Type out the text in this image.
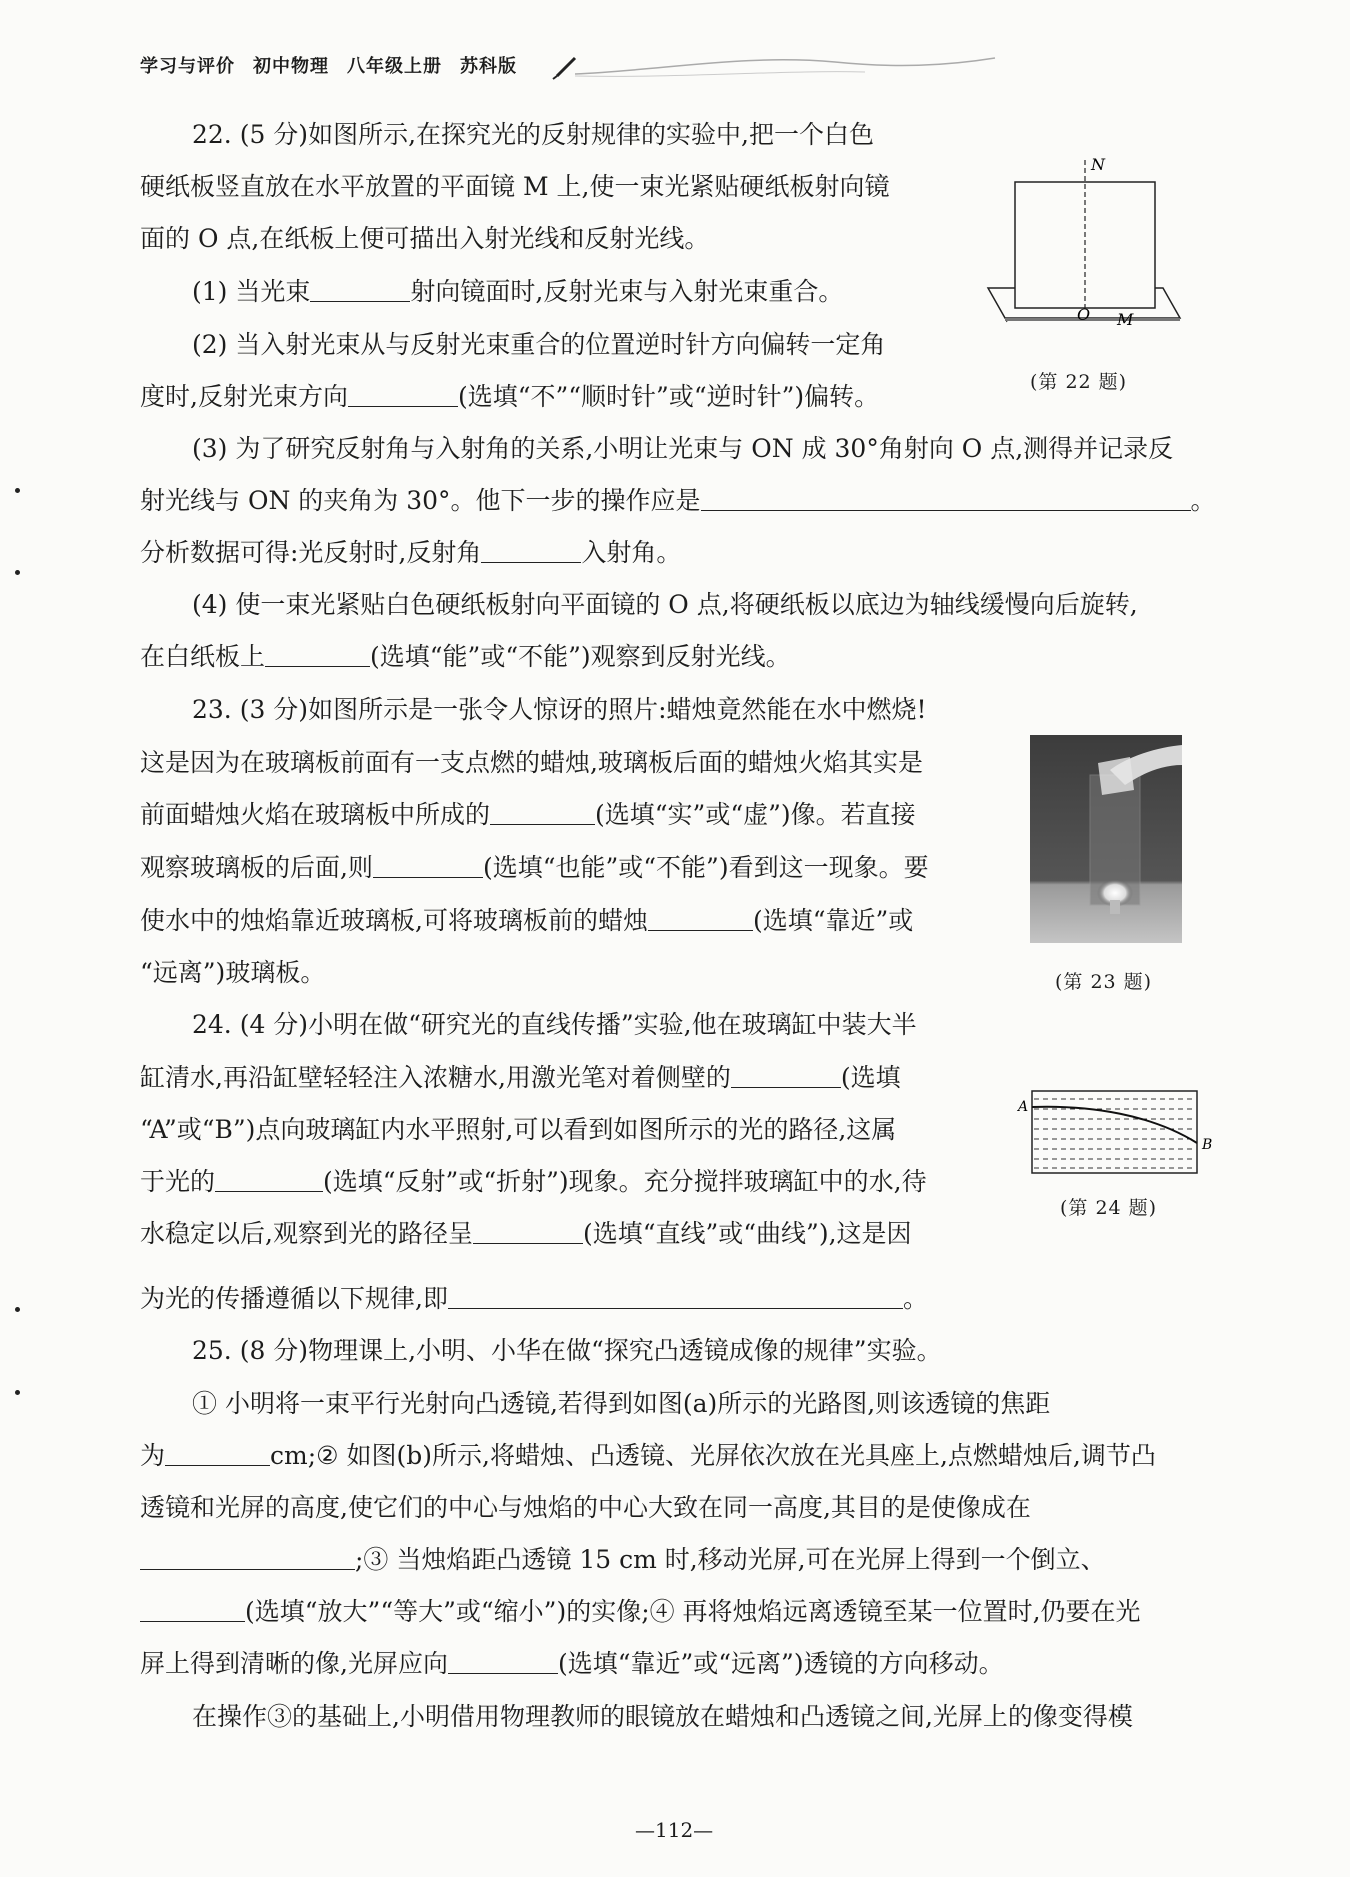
学习与评价 初中物理 八年级上册 苏科版
22. (5 分)如图所示,在探究光的反射规律的实验中,把一个白色
硬纸板竖直放在水平放置的平面镜 M 上,使一束光紧贴硬纸板射向镜
面的 O 点,在纸板上便可描出入射光线和反射光线。
(1) 当光束	射向镜面时,反射光束与入射光束重合。
(2) 当入射光束从与反射光束重合的位置逆时针方向偏转一定角
度时,反射光束方向	(选填“不”“顺时针”或“逆时针”)偏转。
(3) 为了研究反射角与入射角的关系,小明让光束与 ON 成 30°角射向 O 点,测得并记录反
射光线与 ON 的夹角为 30°。他下一步的操作应是	。
分析数据可得:光反射时,反射角	入射角。
(4) 使一束光紧贴白色硬纸板射向平面镜的 O 点,将硬纸板以底边为轴线缓慢向后旋转,
在白纸板上	(选填“能”或“不能”)观察到反射光线。
23. (3 分)如图所示是一张令人惊讶的照片:蜡烛竟然能在水中燃烧!
这是因为在玻璃板前面有一支点燃的蜡烛,玻璃板后面的蜡烛火焰其实是
前面蜡烛火焰在玻璃板中所成的	(选填“实”或“虚”)像。若直接
观察玻璃板的后面,则	(选填“也能”或“不能”)看到这一现象。要
使水中的烛焰靠近玻璃板,可将玻璃板前的蜡烛	(选填“靠近”或
“远离”)玻璃板。
24. (4 分)小明在做“研究光的直线传播”实验,他在玻璃缸中装大半
缸清水,再沿缸壁轻轻注入浓糖水,用激光笔对着侧壁的	(选填
“A”或“B”)点向玻璃缸内水平照射,可以看到如图所示的光的路径,这属
于光的	(选填“反射”或“折射”)现象。充分搅拌玻璃缸中的水,待
水稳定以后,观察到光的路径呈	(选填“直线”或“曲线”),这是因
为光的传播遵循以下规律,即	。
25. (8 分)物理课上,小明、小华在做“探究凸透镜成像的规律”实验。
① 小明将一束平行光射向凸透镜,若得到如图(a)所示的光路图,则该透镜的焦距
为	cm;② 如图(b)所示,将蜡烛、凸透镜、光屏依次放在光具座上,点燃蜡烛后,调节凸
透镜和光屏的高度,使它们的中心与烛焰的中心大致在同一高度,其目的是使像成在
;③ 当烛焰距凸透镜 15 cm 时,移动光屏,可在光屏上得到一个倒立、
(选填“放大”“等大”或“缩小”)的实像;④ 再将烛焰远离透镜至某一位置时,仍要在光
屏上得到清晰的像,光屏应向	(选填“靠近”或“远离”)透镜的方向移动。
在操作③的基础上,小明借用物理教师的眼镜放在蜡烛和凸透镜之间,光屏上的像变得模
N
O M
(第 22 题)
(第 23 题)
A
B
(第 24 题)
—112—
